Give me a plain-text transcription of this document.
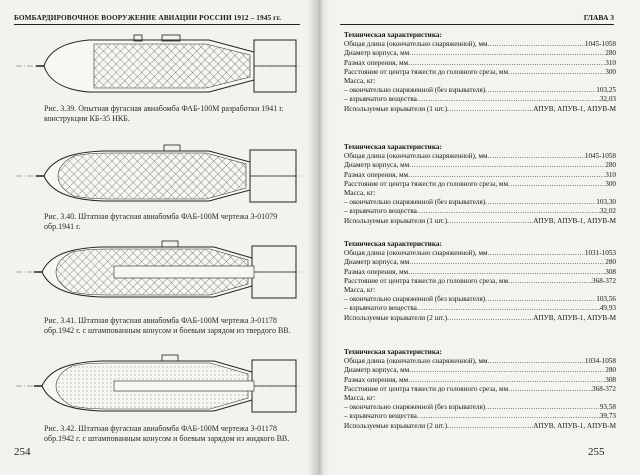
БОМБАРДИРОВОЧНОЕ ВООРУЖЕНИЕ АВИАЦИИ РОССИИ 1912 – 1945 гг.
Рис. 3.39. Опытная фугасная авиабомба ФАБ-100М разработки 1941 г. конструкции КБ-35 НКБ.
Рис. 3.40. Штатная фугасная авиабомба ФАБ-100М чертежа 3-01079 обр.1941 г.
Рис. 3.41. Штатная фугасная авиабомба ФАБ-100М чертежа 3-01178 обр.1942 г. с штампованным конусом и боевым зарядом из твердого ВВ.
Рис. 3.42. Штатная фугасная авиабомба ФАБ-100М чертежа 3-01178 обр.1942 г. с штампованным конусом и боевым зарядом из жидкого ВВ.
254
ГЛАВА 3
Техническая характеристика:
Общая длина (окончательно снаряженной), мм .....	1045-1058
Диаметр корпуса, мм .....	280
Размах оперения, мм .....	310
Расстояние от центра тяжести до головного среза, мм .....	300
Масса, кг:
– окончательно снаряженной (без взрывателя) .....	103,25
– взрывчатого вещества .....	32,03
Используемые взрыватели (1 шт.) .....	АПУВ, АПУВ-1, АПУВ-М
Техническая характеристика:
Общая длина (окончательно снаряженной), мм .....	1045-1058
Диаметр корпуса, мм .....	280
Размах оперения, мм .....	310
Расстояние от центра тяжести до головного среза, мм .....	300
Масса, кг:
– окончательно снаряженной (без взрывателя) .....	103,30
– взрывчатого вещества .....	32,02
Используемые взрыватели (1 шт.) .....	АПУВ, АПУВ-1, АПУВ-М
Техническая характеристика:
Общая длина (окончательно снаряженной), мм .....	1031-1053
Диаметр корпуса, мм .....	280
Размах оперения, мм .....	308
Расстояние от центра тяжести до головного среза, мм .....	368-372
Масса, кг:
– окончательно снаряженной (без взрывателя) .....	103,56
– взрывчатого вещества .....	49,93
Используемые взрыватели (2 шт.) .....	АПУВ, АПУВ-1, АПУВ-М
Техническая характеристика:
Общая длина (окончательно снаряженной), мм .....	1034-1058
Диаметр корпуса, мм .....	280
Размах оперения, мм .....	308
Расстояние от центра тяжести до головного среза, мм .....	368-372
Масса, кг:
– окончательно снаряженной (без взрывателя) .....	93,58
– взрывчатого вещества .....	39,73
Используемые взрыватели (2 шт.) .....	АПУВ, АПУВ-1, АПУВ-М
255
